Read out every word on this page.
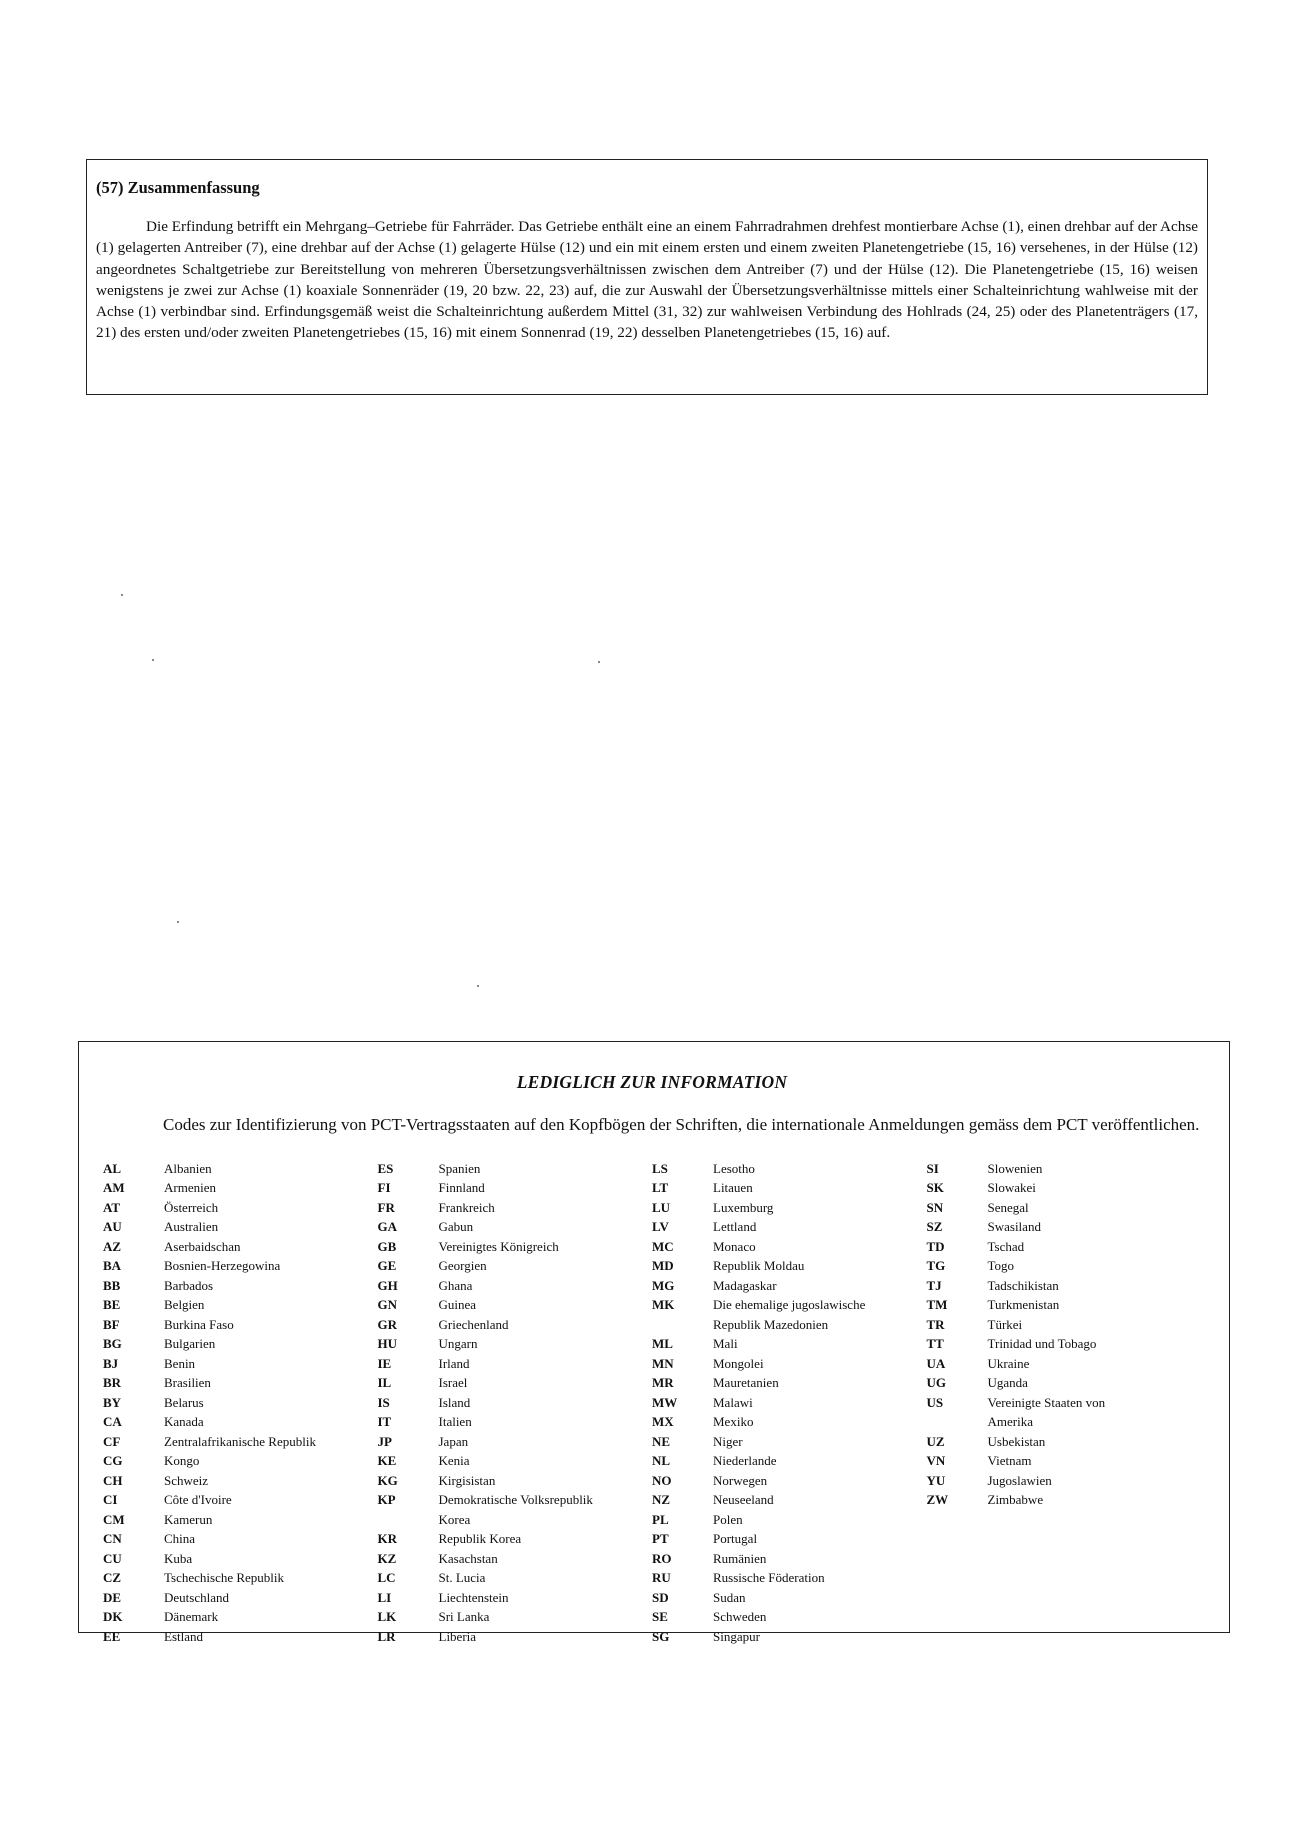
(57) Zusammenfassung

Die Erfindung betrifft ein Mehrgang–Getriebe für Fahrräder. Das Getriebe enthält eine an einem Fahrradrahmen drehfest montierbare Achse (1), einen drehbar auf der Achse (1) gelagerten Antreiber (7), eine drehbar auf der Achse (1) gelagerte Hülse (12) und ein mit einem ersten und einem zweiten Planetengetriebe (15, 16) versehenes, in der Hülse (12) angeordnetes Schaltgetriebe zur Bereitstellung von mehreren Übersetzungsverhältnissen zwischen dem Antreiber (7) und der Hülse (12). Die Planetengetriebe (15, 16) weisen wenigstens je zwei zur Achse (1) koaxiale Sonnenräder (19, 20 bzw. 22, 23) auf, die zur Auswahl der Übersetzungsverhältnisse mittels einer Schalteinrichtung wahlweise mit der Achse (1) verbindbar sind. Erfindungsgemäß weist die Schalteinrichtung außerdem Mittel (31, 32) zur wahlweisen Verbindung des Hohlrads (24, 25) oder des Planetenträgers (17, 21) des ersten und/oder zweiten Planetengetriebes (15, 16) mit einem Sonnenrad (19, 22) desselben Planetengetriebes (15, 16) auf.

LEDIGLICH ZUR INFORMATION

Codes zur Identifizierung von PCT-Vertragsstaaten auf den Kopfbögen der Schriften, die internationale Anmeldungen gemäss dem PCT veröffentlichen.

AL	Albanien
AM	Armenien
AT	Österreich
AU	Australien
AZ	Aserbaidschan
BA	Bosnien-Herzegowina
BB	Barbados
BE	Belgien
BF	Burkina Faso
BG	Bulgarien
BJ	Benin
BR	Brasilien
BY	Belarus
CA	Kanada
CF	Zentralafrikanische Republik
CG	Kongo
CH	Schweiz
CI	Côte d'Ivoire
CM	Kamerun
CN	China
CU	Kuba
CZ	Tschechische Republik
DE	Deutschland
DK	Dänemark
EE	Estland
ES	Spanien
FI	Finnland
FR	Frankreich
GA	Gabun
GB	Vereinigtes Königreich
GE	Georgien
GH	Ghana
GN	Guinea
GR	Griechenland
HU	Ungarn
IE	Irland
IL	Israel
IS	Island
IT	Italien
JP	Japan
KE	Kenia
KG	Kirgisistan
KP	Demokratische Volksrepublik
Korea
KR	Republik Korea
KZ	Kasachstan
LC	St. Lucia
LI	Liechtenstein
LK	Sri Lanka
LR	Liberia
LS	Lesotho
LT	Litauen
LU	Luxemburg
LV	Lettland
MC	Monaco
MD	Republik Moldau
MG	Madagaskar
MK	Die ehemalige jugoslawische
Republik Mazedonien
ML	Mali
MN	Mongolei
MR	Mauretanien
MW	Malawi
MX	Mexiko
NE	Niger
NL	Niederlande
NO	Norwegen
NZ	Neuseeland
PL	Polen
PT	Portugal
RO	Rumänien
RU	Russische Föderation
SD	Sudan
SE	Schweden
SG	Singapur
SI	Slowenien
SK	Slowakei
SN	Senegal
SZ	Swasiland
TD	Tschad
TG	Togo
TJ	Tadschikistan
TM	Turkmenistan
TR	Türkei
TT	Trinidad und Tobago
UA	Ukraine
UG	Uganda
US	Vereinigte Staaten von
Amerika
UZ	Usbekistan
VN	Vietnam
YU	Jugoslawien
ZW	Zimbabwe
